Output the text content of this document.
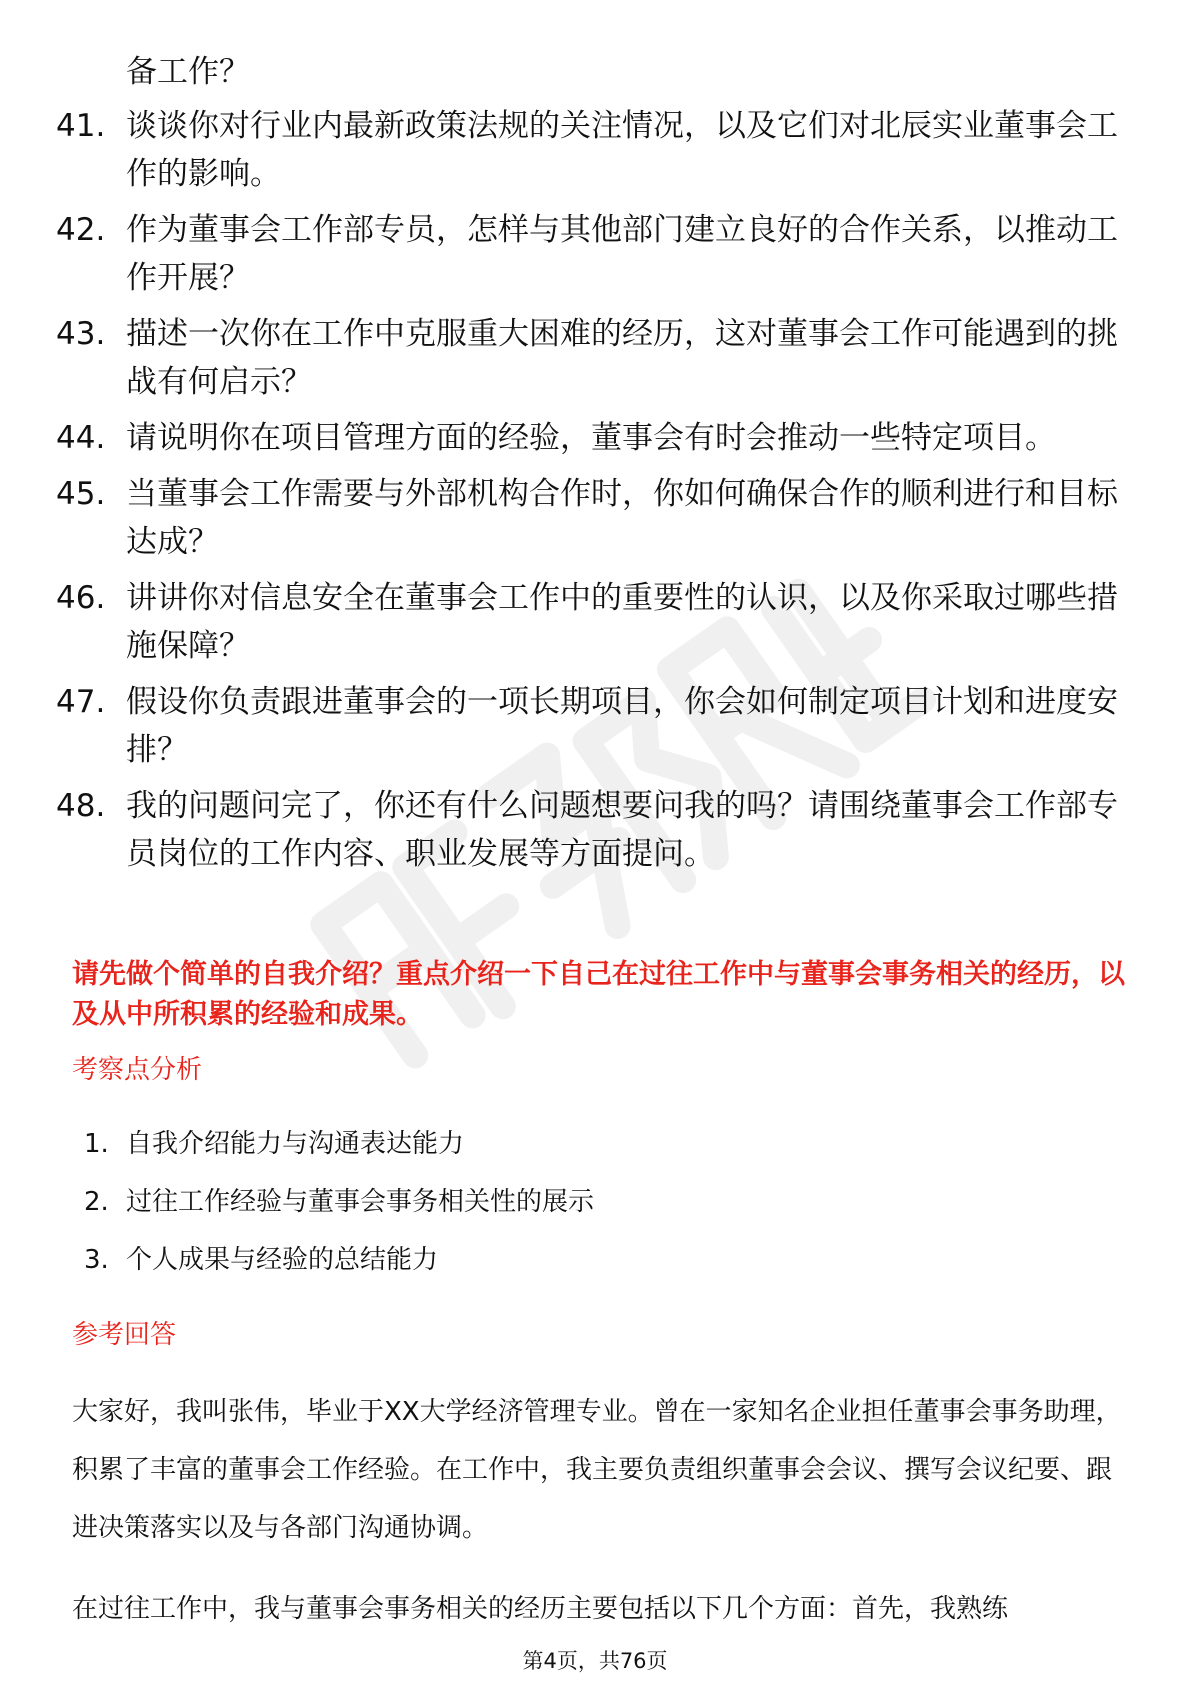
备工作？
41. 谈谈你对行业内最新政策法规的关注情况，以及它们对北辰实业董事会工作的影响。
42. 作为董事会工作部专员，怎样与其他部门建立良好的合作关系，以推动工作开展？
43. 描述一次你在工作中克服重大困难的经历，这对董事会工作可能遇到的挑战有何启示？
44. 请说明你在项目管理方面的经验，董事会有时会推动一些特定项目。
45. 当董事会工作需要与外部机构合作时，你如何确保合作的顺利进行和目标达成？
46. 讲讲你对信息安全在董事会工作中的重要性的认识，以及你采取过哪些措施保障？
47. 假设你负责跟进董事会的一项长期项目，你会如何制定项目计划和进度安排？
48. 我的问题问完了，你还有什么问题想要问我的吗？请围绕董事会工作部专员岗位的工作内容、职业发展等方面提问。
请先做个简单的自我介绍？重点介绍一下自己在过往工作中与董事会事务相关的经历，以及从中所积累的经验和成果。
考察点分析
1. 自我介绍能力与沟通表达能力
2. 过往工作经验与董事会事务相关性的展示
3. 个人成果与经验的总结能力
参考回答
大家好，我叫张伟，毕业于XX大学经济管理专业。曾在一家知名企业担任董事会事务助理，积累了丰富的董事会工作经验。在工作中，我主要负责组织董事会会议、撰写会议纪要、跟进决策落实以及与各部门沟通协调。
在过往工作中，我与董事会事务相关的经历主要包括以下几个方面：首先，我熟练
第4页，共76页
